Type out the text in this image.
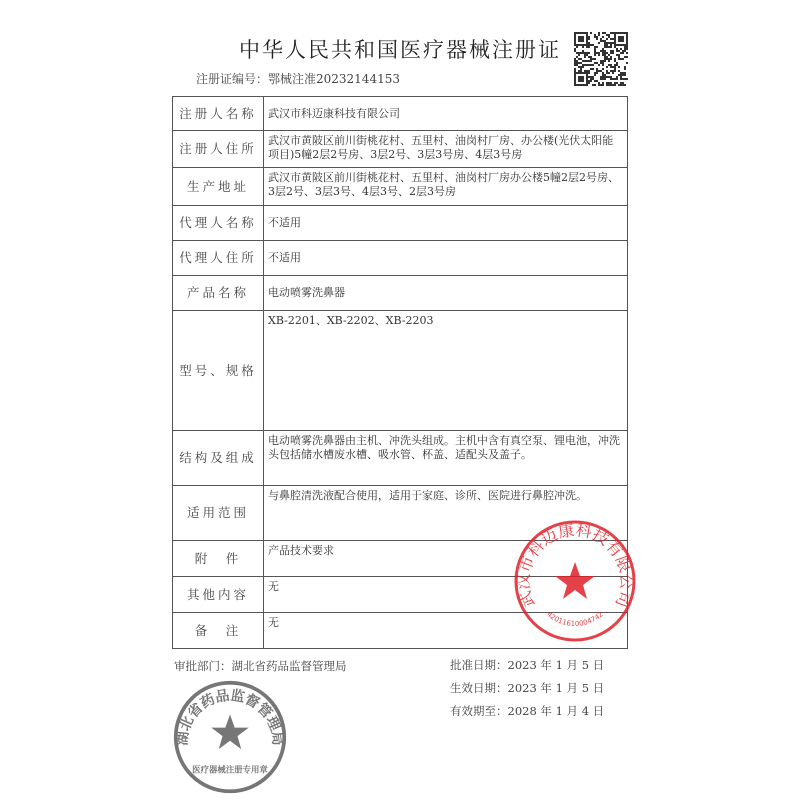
中华人民共和国医疗器械注册证
注册证编号：鄂械注准20232144153
注册人名称	武汉市科迈康科技有限公司
注册人住所	武汉市黄陂区前川街桃花村、五里村、油岗村厂房、办公楼(光伏太阳能项目)5幢2层2号房、3层2号、3层3号房、4层3号房
生产地址	武汉市黄陂区前川街桃花村、五里村、油岗村厂房办公楼5幢2层2号房、3层2号、3层3号、4层3号、2层3号房
代理人名称	不适用
代理人住所	不适用
产品名称	电动喷雾洗鼻器
型号、规格	XB-2201、XB-2202、XB-2203
结构及组成	电动喷雾洗鼻器由主机、冲洗头组成。主机中含有真空泵、锂电池，冲洗头包括储水槽废水槽、吸水管、杯盖、适配头及盖子。
适用范围	与鼻腔清洗液配合使用，适用于家庭、诊所、医院进行鼻腔冲洗。
附　件	产品技术要求
其他内容	无
备　注	无
审批部门：湖北省药品监督管理局	批准日期：2023 年 1 月 5 日
生效日期：2023 年 1 月 5 日
有效期至：2028 年 1 月 4 日
湖北省药品监督管理局
医疗器械注册专用章
武汉市科迈康科技有限公司
4201161000474​2
